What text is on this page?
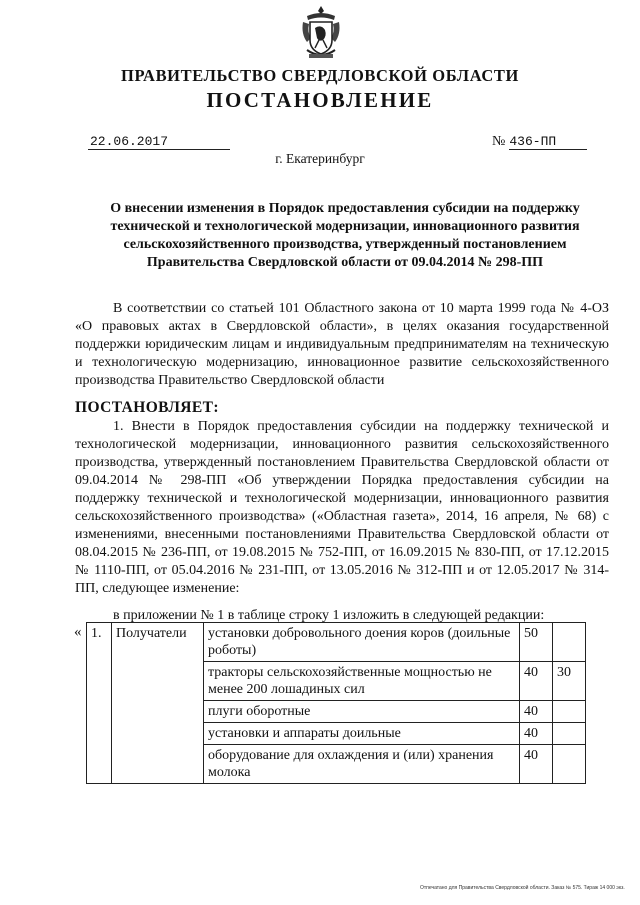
ПРАВИТЕЛЬСТВО СВЕРДЛОВСКОЙ ОБЛАСТИ
ПОСТАНОВЛЕНИЕ
22.06.2017	№ 436-ПП
г. Екатеринбург
О внесении изменения в Порядок предоставления субсидии на поддержку технической и технологической модернизации, инновационного развития сельскохозяйственного производства, утвержденный постановлением Правительства Свердловской области от 09.04.2014 № 298-ПП
В соответствии со статьей 101 Областного закона от 10 марта 1999 года № 4-ОЗ «О правовых актах в Свердловской области», в целях оказания государственной поддержки юридическим лицам и индивидуальным предпринимателям на техническую и технологическую модернизацию, инновационное развитие сельскохозяйственного производства Правительство Свердловской области
ПОСТАНОВЛЯЕТ:
1. Внести в Порядок предоставления субсидии на поддержку технической и технологической модернизации, инновационного развития сельскохозяйственного производства, утвержденный постановлением Правительства Свердловской области от 09.04.2014 № 298-ПП «Об утверждении Порядка предоставления субсидии на поддержку технической и технологической модернизации, инновационного развития сельскохозяйственного производства» («Областная газета», 2014, 16 апреля, № 68) с изменениями, внесенными постановлениями Правительства Свердловской области от 08.04.2015 № 236-ПП, от 19.08.2015 № 752-ПП, от 16.09.2015 № 830-ПП, от 17.12.2015 № 1110-ПП, от 05.04.2016 № 231-ПП, от 13.05.2016 № 312-ПП и от 12.05.2017 № 314-ПП, следующее изменение:
в приложении № 1 в таблице строку 1 изложить в следующей редакции:
« 1.	Получатели	установки добровольного доения коров (доильные роботы)	50	
		тракторы сельскохозяйственные мощностью не менее 200 лошадиных сил	40	30
		плуги оборотные	40	
		установки и аппараты доильные	40	
		оборудование для охлаждения и (или) хранения молока	40	
Отпечатано для Правительства Свердловской области. Заказ № 575. Тираж 14 000 экз.
